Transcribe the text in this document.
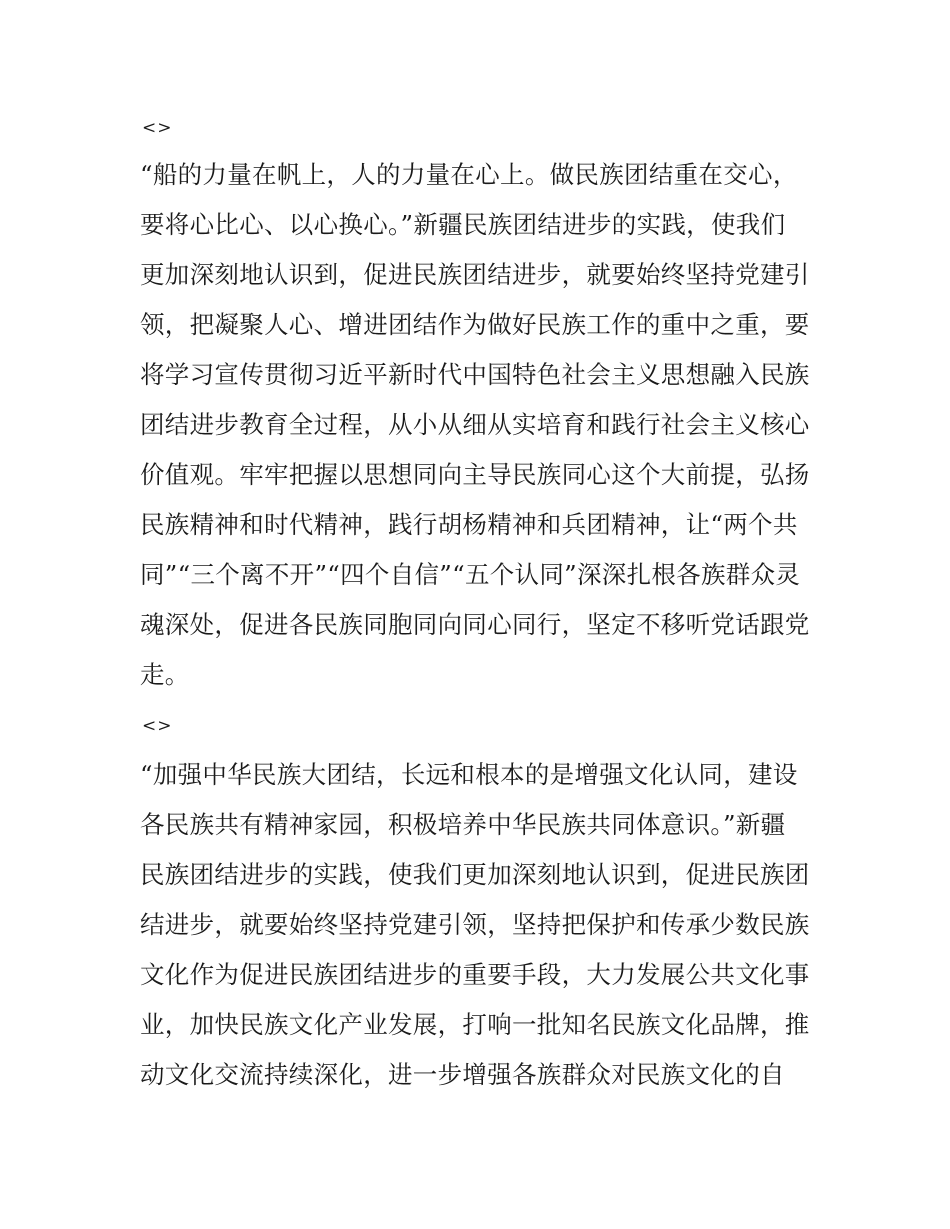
<>
“船的力量在帆上，人的力量在心上。做民族团结重在交心，
要将心比心、以心换心。”新疆民族团结进步的实践，使我们
更加深刻地认识到，促进民族团结进步，就要始终坚持党建引
领，把凝聚人心、增进团结作为做好民族工作的重中之重，要
将学习宣传贯彻习近平新时代中国特色社会主义思想融入民族
团结进步教育全过程，从小从细从实培育和践行社会主义核心
价值观。牢牢把握以思想同向主导民族同心这个大前提，弘扬
民族精神和时代精神，践行胡杨精神和兵团精神，让“两个共
同”“三个离不开”“四个自信”“五个认同”深深扎根各族群众灵
魂深处，促进各民族同胞同向同心同行，坚定不移听党话跟党
走。
<>
“加强中华民族大团结，长远和根本的是增强文化认同，建设
各民族共有精神家园，积极培养中华民族共同体意识。”新疆
民族团结进步的实践，使我们更加深刻地认识到，促进民族团
结进步，就要始终坚持党建引领，坚持把保护和传承少数民族
文化作为促进民族团结进步的重要手段，大力发展公共文化事
业，加快民族文化产业发展，打响一批知名民族文化品牌，推
动文化交流持续深化，进一步增强各族群众对民族文化的自
